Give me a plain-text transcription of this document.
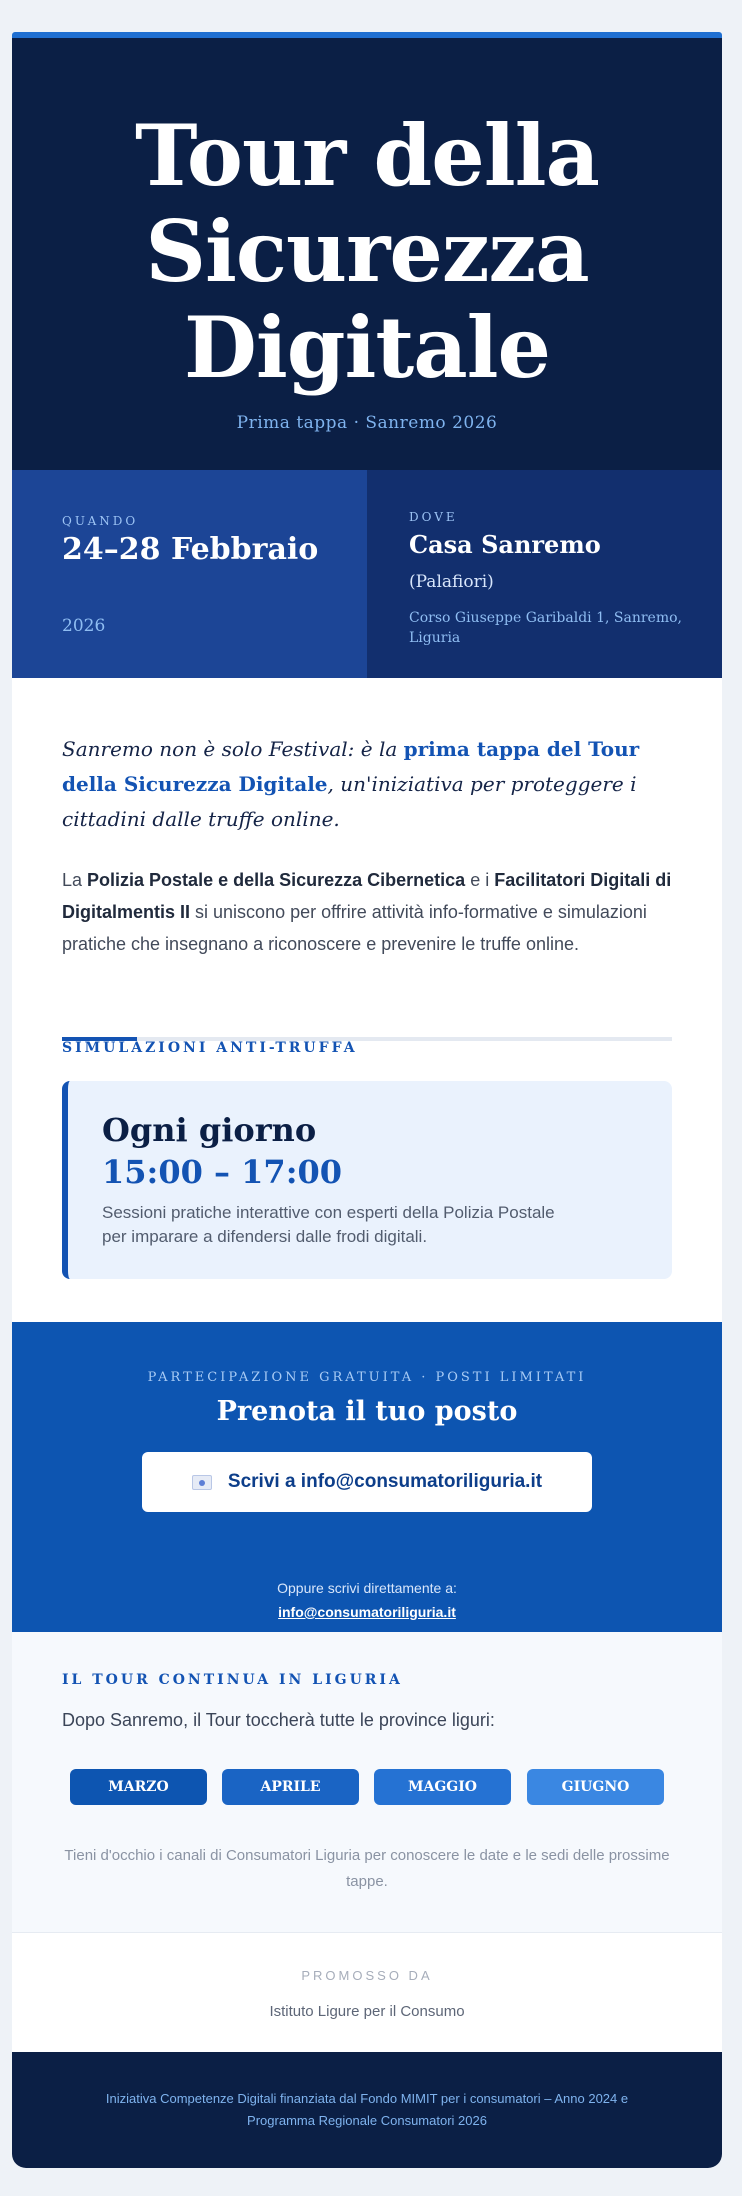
Tour della Sicurezza Digitale
Prima tappa · Sanremo 2026
QUANDO
24–28 Febbraio
2026
DOVE
Casa Sanremo
(Palafiori)
Corso Giuseppe Garibaldi 1, Sanremo, Liguria
Sanremo non è solo Festival: è la prima tappa del Tour della Sicurezza Digitale, un'iniziativa per proteggere i cittadini dalle truffe online.
La Polizia Postale e della Sicurezza Cibernetica e i Facilitatori Digitali di Digitalmentis II si uniscono per offrire attività info-formative e simulazioni pratiche che insegnano a riconoscere e prevenire le truffe online.
SIMULAZIONI ANTI-TRUFFA
Ogni giorno
15:00 – 17:00
Sessioni pratiche interattive con esperti della Polizia Postale per imparare a difendersi dalle frodi digitali.
PARTECIPAZIONE GRATUITA · POSTI LIMITATI
Prenota il tuo posto
Scrivi a info@consumatoriliguria.it
Oppure scrivi direttamente a:
info@consumatoriliguria.it
IL TOUR CONTINUA IN LIGURIA
Dopo Sanremo, il Tour toccherà tutte le province liguri:
MARZO	APRILE	MAGGIO	GIUGNO
Tieni d'occhio i canali di Consumatori Liguria per conoscere le date e le sedi delle prossime tappe.
PROMOSSO DA
Istituto Ligure per il Consumo
Iniziativa Competenze Digitali finanziata dal Fondo MIMIT per i consumatori – Anno 2024 e Programma Regionale Consumatori 2026
